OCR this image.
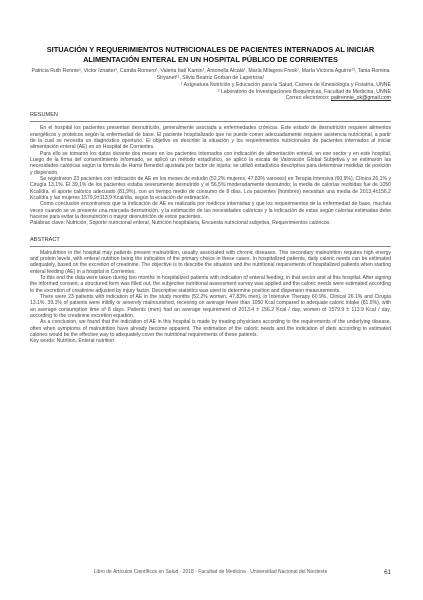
SITUACIÓN Y REQUERIMIENTOS NUTRICIONALES DE PACIENTES INTERNADOS AL INICIAR ALIMENTACIÓN ENTERAL EN UN HOSPITAL PÚBLICO DE CORRIENTES
Patricia Ruth Rennie¹, Victor Iznaiter¹, Camila Romero¹, Valeria Itatí Kamin¹, Antonella Alcalá¹, María Milagros Fresk¹, María Victoria Aguirre¹², Tania Romina Stryanet¹², Silvia Beatriz Gorban de Lapertosa¹
¹ Asignatura Nutrición y Educación para la Salud, Carrera de Kinesiología y Fisiatría, UNNE
² Laboratorio de Investigaciones Bioquímicas, Facultad de Medicina, UNNE
Correo electrónico: patirennie_ok@gmail.com
RESUMEN

En el hospital los pacientes presentan desnutrición, generalmente asociada a enfermedades crónicas. Este estado de desnutrición requiere alimentos energéticos y proteicos según la enfermedad de base. El paciente hospitalizado que no puede comer adecuadamente requiere asistencia nutricional, a partir de la cual se necesita un diagnóstico oportuno. El objetivo es describir la situación y los requerimientos nutricionales de pacientes internados al iniciar alimentación enteral (AE) en un Hospital de Corrientes.

Para ello se tomaron los datos durante dos meses en los pacientes internados con indicación de alimentación enteral, en ese sector y en este hospital. Luego de la firma del consentimiento informado, se aplicó un método estadístico, se aplicó la escala de Valoración Global Subjetiva y se estimaron las necesidades calóricas según la fórmula de Harris Benedict ajustada por factor de injuria; se utilizó estadística descriptiva para determinar medidas de posición y dispersión.

Se registraron 23 pacientes con indicación de AE en los meses de estudio (52,2% mujeres, 47,83% varones) en Terapia Intensiva (60,9%), Clínica 26,1% y Cirugía 13,1%. El 39,1% de los pacientes estaba severamente desnutrido y el 56,5% moderadamente desnutrido; la media de calorías recibidas fue de 1050 Kcal/día, el aporte calórico adecuado (81,9%), con un tiempo medio de consumo de 8 días. Los pacientes (hombres) necesitan una media de 2013,4±156,2 Kcal/día y las mujeres 1579,9±113,9 Kcal/día, según la ecuación de estimación.

Como conclusión encontramos que la indicación de AE es realizada por médicos internistas y que los requerimientos de la enfermedad de base, muchas veces cuando se ve presente una marcada desnutrición, y la estimación de las necesidades calóricas y la indicación de estas según calorías estimadas debe hacerse para evitar la desnutrición o mayor desnutrición de estos pacientes.

Palabras clave: Nutrición, Soporte nutricional enteral, Nutrición hospitalaria, Encuesta nutricional subjetiva, Requerimientos calóricos.

ABSTRACT

Malnutrition in the hospital may patients present malnutrition, usually associated with chronic diseases. This secondary malnutrition requires high energy and protein levels, with enteral nutrition being the indication of the primary choice in these cases. In hospitalized patients, daily caloric needs can be estimated adequately, based on the excretion of creatinine. The objective is to describe the situation and the nutritional requirements of hospitalized patients when starting enteral feeding (AE) in a hospital in Corrientes.

To this end the data were taken during two months in hospitalized patients with indication of enteral feeding, in that sector and at this hospital. After signing the informed consent, a structured form was filled out, the subjective nutritional assessment survey was applied and the caloric needs were estimated according to the excretion of creatinine adjusted by injury factor. Descriptive statistics was used to determine position and dispersion measurements.

There were 23 patients with indication of AE in the study months (52.2% women, 47.83% men), in Intensive Therapy 60.9%, Clinical 26.1% and Cirugía 13.1%. 39.1% of patients were mildly or severely malnourished, receiving on average fewer than 1050 Kcal compared to adequate caloric intake (81.9%), with an average consumption time of 8 days. Patients (men) had an average requirement of 2013.4 ± 156.2 Kcal / day, women of 1579.9 ± 113.9 Kcal / day, according to the creatinine excretion equation.

As a conclusion, we found that the indication of AE in this hospital is made by treating physicians according to the requirements of the underlying disease, often when symptoms of malnutrition have already become apparent. The estimation of the caloric needs and the indication of diets according to estimated calories would be the effective way to adequately cover the nutritional requirements of these patients.

Key words: Nutrition, Enteral nutrition

Libro de Artículos Científicos en Salud · 2018 - Facultad de Medicina · Universidad Nacional del Nordeste	61
